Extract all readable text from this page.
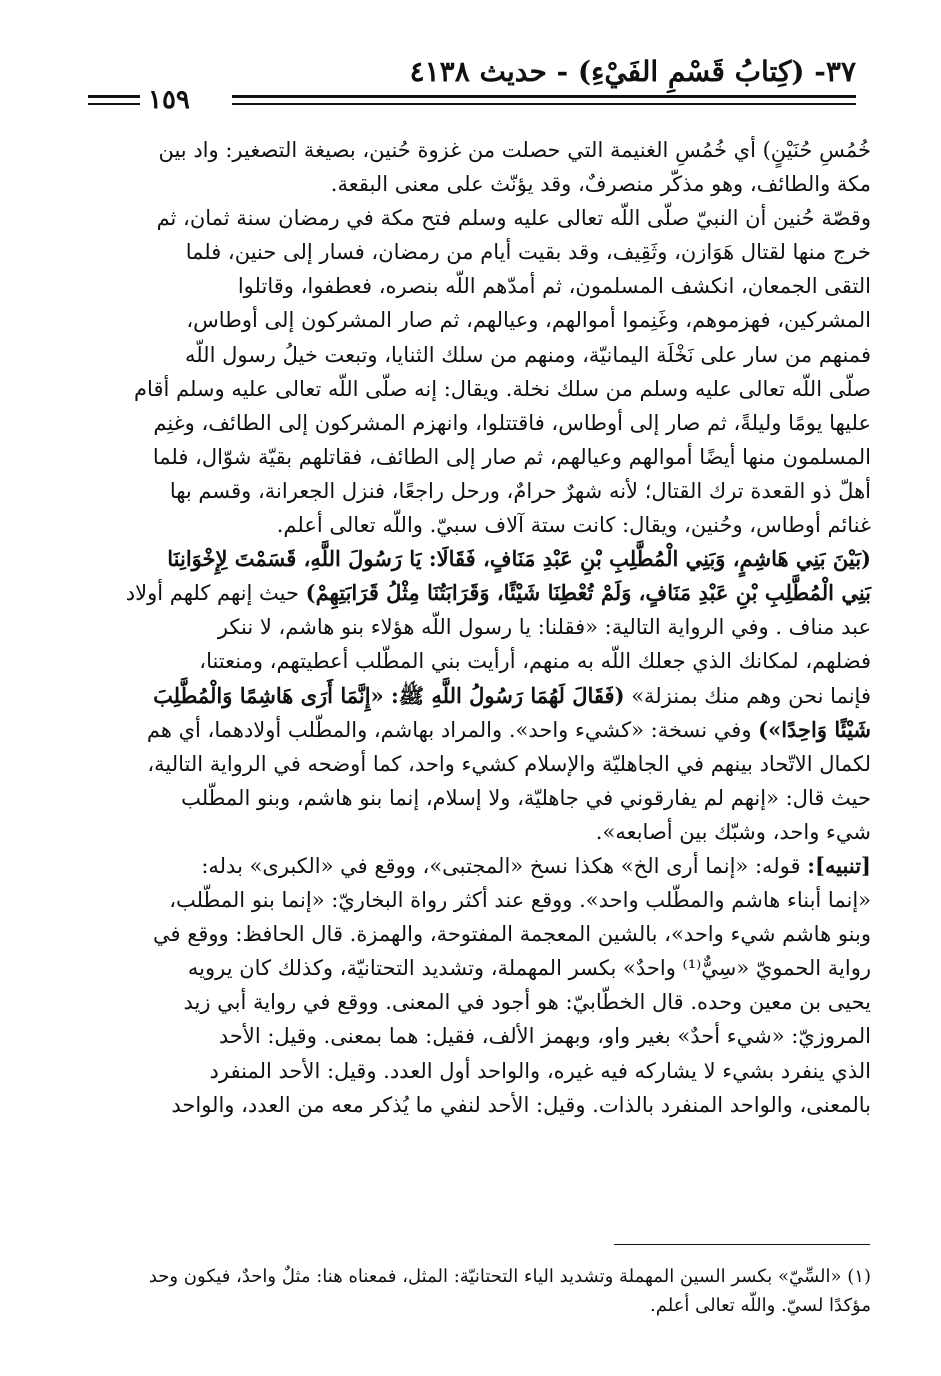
٣٧- (كِتابُ قَسْمِ الفَيْءِ) - حديث ٤١٣٨
١٥٩

خُمُسِ حُنَيْنٍ) أي خُمُسِ الغنيمة التي حصلت من غزوة حُنين، بصيغة التصغير: واد بين

مكة والطائف، وهو مذكّر منصرفٌ، وقد يؤنّث على معنى البقعة.

وقصّة حُنين أن النبيّ صلّى اللّه تعالى عليه وسلم فتح مكة في رمضان سنة ثمان، ثم

خرج منها لقتال هَوَازن، وثَقِيف، وقد بقيت أيام من رمضان، فسار إلى حنين، فلما

التقى الجمعان، انكشف المسلمون، ثم أمدّهم اللّه بنصره، فعطفوا، وقاتلوا

المشركين، فهزموهم، وغَنِموا أموالهم، وعيالهم، ثم صار المشركون إلى أوطاس،

فمنهم من سار على نَخْلَة اليمانيّة، ومنهم من سلك الثنايا، وتبعت خيلُ رسول اللّه

صلّى اللّه تعالى عليه وسلم من سلك نخلة. ويقال: إنه صلّى اللّه تعالى عليه وسلم أقام

عليها يومًا وليلةً، ثم صار إلى أوطاس، فاقتتلوا، وانهزم المشركون إلى الطائف، وغنِم

المسلمون منها أيضًا أموالهم وعيالهم، ثم صار إلى الطائف، فقاتلهم بقيّة شوّال، فلما

أهلّ ذو القعدة ترك القتال؛ لأنه شهرٌ حرامٌ، ورحل راجعًا، فنزل الجعرانة، وقسم بها

غنائم أوطاس، وحُنين، ويقال: كانت ستة آلاف سبيّ. واللّه تعالى أعلم.

(بَيْنَ بَنِي هَاشِمٍ، وَبَنِي الْمُطَّلِبِ بْنِ عَبْدِ مَنَافٍ، فَقَالَا: يَا رَسُولَ اللَّهِ، قَسَمْتَ لِإِخْوَانِنَا

بَنِي الْمُطَّلِبِ بْنِ عَبْدِ مَنَافٍ، وَلَمْ تُعْطِنَا شَيْئًا، وَقَرَابَتُنَا مِثْلُ قَرَابَتِهِمْ) حيث إنهم كلهم أولاد

عبد مناف . وفي الرواية التالية: «فقلنا: يا رسول اللّه هؤلاء بنو هاشم، لا ننكر

فضلهم، لمكانك الذي جعلك اللّه به منهم، أرأيت بني المطّلب أعطيتهم، ومنعتنا،

فإنما نحن وهم منك بمنزلة» (فَقَالَ لَهُمَا رَسُولُ اللَّهِ ﷺ: «إِنَّمَا أَرَى هَاشِمًا وَالْمُطَّلِبَ

شَيْئًا وَاحِدًا») وفي نسخة: «كشيء واحد». والمراد بهاشم، والمطّلب أولادهما، أي هم

لكمال الاتّحاد بينهم في الجاهليّة والإسلام كشيء واحد، كما أوضحه في الرواية التالية،

حيث قال: «إنهم لم يفارقوني في جاهليّة، ولا إسلام، إنما بنو هاشم، وبنو المطّلب

شيء واحد، وشبّك بين أصابعه».

[تنبيه]: قوله: «إنما أرى الخ» هكذا نسخ «المجتبى»، ووقع في «الكبرى» بدله:

«إنما أبناء هاشم والمطّلب واحد». ووقع عند أكثر رواة البخاريّ: «إنما بنو المطّلب،

وبنو هاشم شيء واحد»، بالشين المعجمة المفتوحة، والهمزة. قال الحافظ: ووقع في

رواية الحمويّ «سِيٌّ⁽¹⁾ واحدٌ» بكسر المهملة، وتشديد التحتانيّة، وكذلك كان يرويه

يحيى بن معين وحده. قال الخطّابيّ: هو أجود في المعنى. ووقع في رواية أبي زيد

المروزيّ: «شيء أحدٌ» بغير واو، وبهمز الألف، فقيل: هما بمعنى. وقيل: الأحد

الذي ينفرد بشيء لا يشاركه فيه غيره، والواحد أول العدد. وقيل: الأحد المنفرد

بالمعنى، والواحد المنفرد بالذات. وقيل: الأحد لنفي ما يُذكر معه من العدد، والواحد

(١) «السِّيّ» بكسر السين المهملة وتشديد الياء التحتانيّة: المثل، فمعناه هنا: مثلٌ واحدٌ، فيكون وحد

مؤكدًا لسيّ. واللّه تعالى أعلم.
